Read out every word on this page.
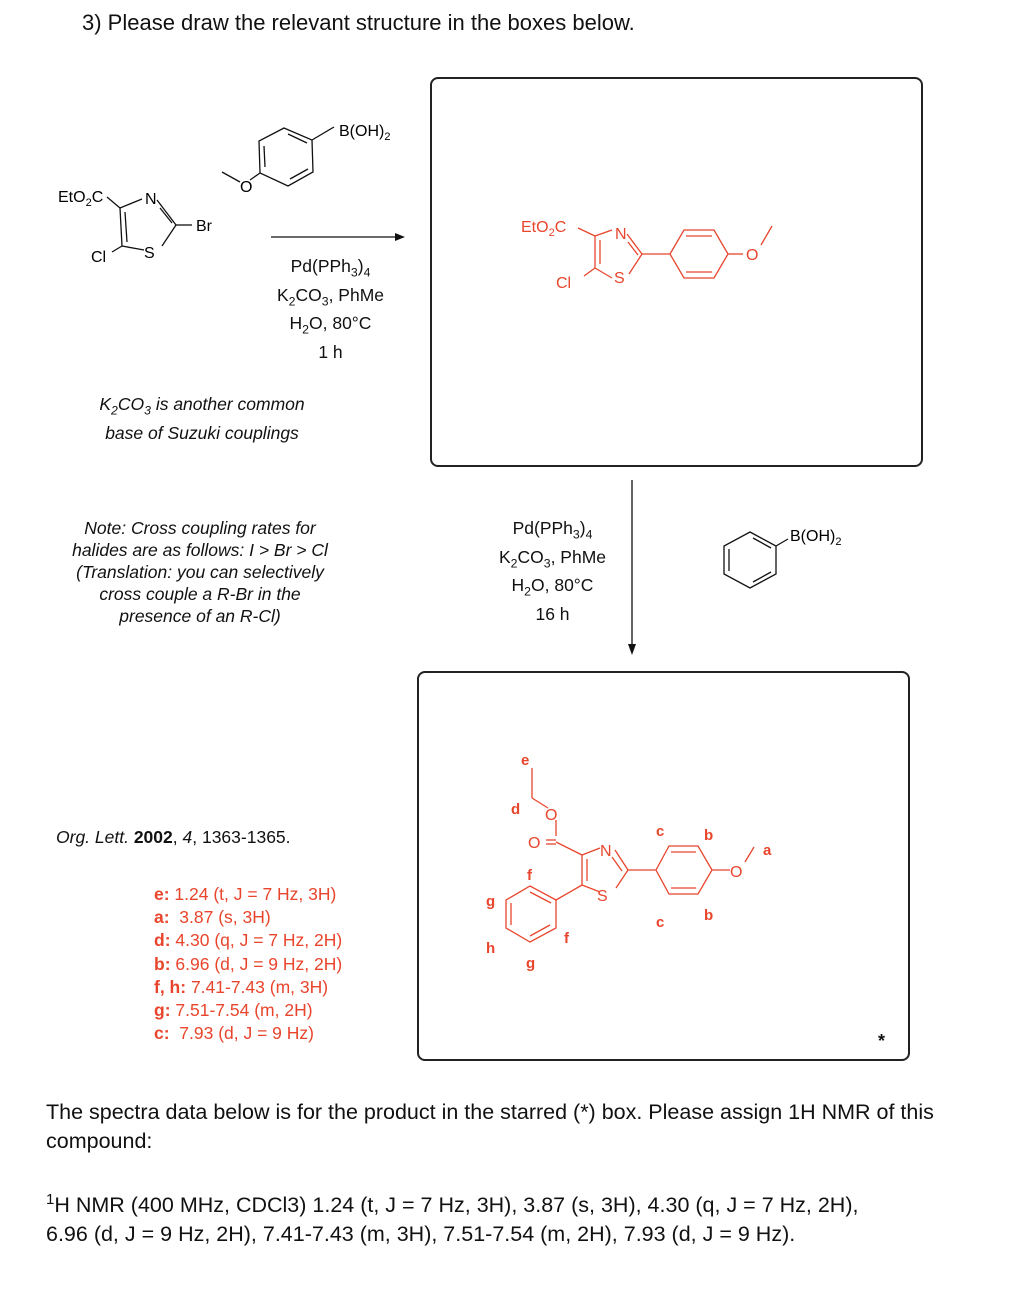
3) Please draw the relevant structure in the boxes below.
EtO$_2$C	N
S
Br
Cl
$B(OH)_2$
O
$Pd(PPh_3)_4$
$K_2CO_3$, PhMe
$H_2O$, 80°C
1 h
EtO$_2$C	N
S
Cl
O
$K_2CO_3$ is another common
base of Suzuki couplings
Note: Cross coupling rates for
halides are as follows: I > Br > Cl
(Translation: you can selectively
cross couple a R-Br in the
presence of an R-Cl)
$Pd(PPh_3)_4$
$K_2CO_3$, PhMe
$H_2O$, 80°C
16 h
$B(OH)_2$
Org. Lett. 2002, 4, 1363-1365.
O
O	N
S
O
e
d
c	b
a
f
g
h
g
f
c	b
*
e: 1.24 (t, J = 7 Hz, 3H)
a:  3.87 (s, 3H)
d: 4.30 (q, J = 7 Hz, 2H)
b: 6.96 (d, J = 9 Hz, 2H)
f, h: 7.41-7.43 (m, 3H)
g: 7.51-7.54 (m, 2H)
c:  7.93 (d, J = 9 Hz)
The spectra data below is for the product in the starred (*) box. Please assign 1H NMR of this compound:
$^1$H NMR (400 MHz, CDCl3) 1.24 (t, J = 7 Hz, 3H), 3.87 (s, 3H), 4.30 (q, J = 7 Hz, 2H),
6.96 (d, J = 9 Hz, 2H), 7.41-7.43 (m, 3H), 7.51-7.54 (m, 2H), 7.93 (d, J = 9 Hz).
